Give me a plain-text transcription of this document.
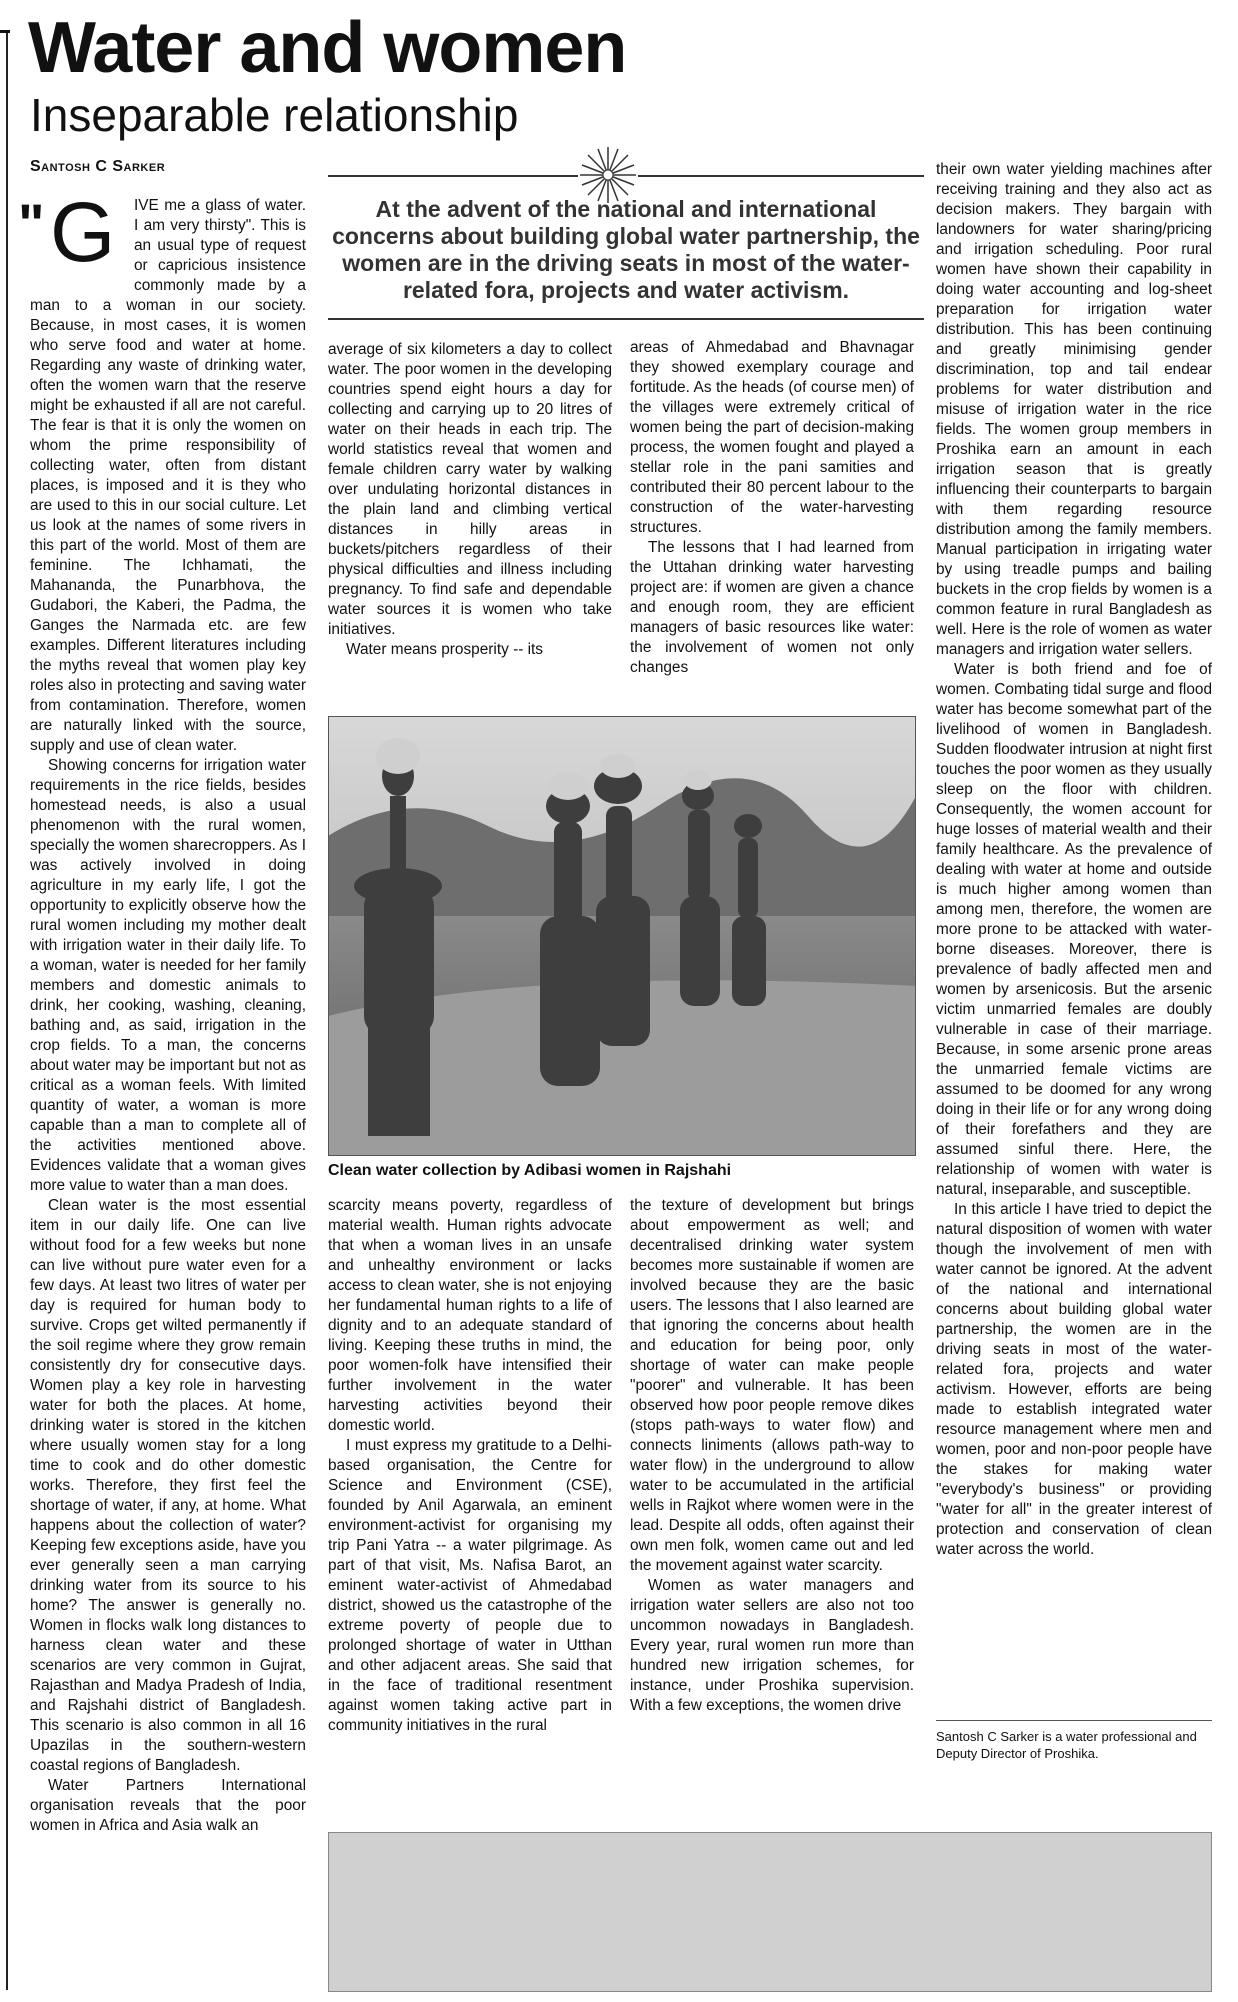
Water and women
Inseparable relationship
Santosh C Sarker

IVE me a glass of water. I am very thirsty". This is an usual type of request or capricious insistence commonly made by a man to a woman in our society. Because, in most cases, it is women who serve food and water at home. Regarding any waste of drinking water, often the women warn that the reserve might be exhausted if all are not careful. The fear is that it is only the women on whom the prime responsibility of collecting water, often from distant places, is imposed and it is they who are used to this in our social culture. Let us look at the names of some rivers in this part of the world. Most of them are feminine. The Ichhamati, the Mahananda, the Punarbhova, the Gudabori, the Kaberi, the Padma, the Ganges the Narmada etc. are few examples. Different literatures including the myths reveal that women play key roles also in protecting and saving water from contamination. Therefore, women are naturally linked with the source, supply and use of clean water.

Showing concerns for irrigation water requirements in the rice fields, besides homestead needs, is also a usual phenomenon with the rural women, specially the women sharecroppers. As I was actively involved in doing agriculture in my early life, I got the opportunity to explicitly observe how the rural women including my mother dealt with irrigation water in their daily life. To a woman, water is needed for her family members and domestic animals to drink, her cooking, washing, cleaning, bathing and, as said, irrigation in the crop fields. To a man, the concerns about water may be important but not as critical as a woman feels. With limited quantity of water, a woman is more capable than a man to complete all of the activities mentioned above. Evidences validate that a woman gives more value to water than a man does.

Clean water is the most essential item in our daily life. One can live without food for a few weeks but none can live without pure water even for a few days. At least two litres of water per day is required for human body to survive. Crops get wilted permanently if the soil regime where they grow remain consistently dry for consecutive days. Women play a key role in harvesting water for both the places. At home, drinking water is stored in the kitchen where usually women stay for a long time to cook and do other domestic works. Therefore, they first feel the shortage of water, if any, at home. What happens about the collection of water? Keeping few exceptions aside, have you ever generally seen a man carrying drinking water from its source to his home? The answer is generally no. Women in flocks walk long distances to harness clean water and these scenarios are very common in Gujrat, Rajasthan and Madya Pradesh of India, and Rajshahi district of Bangladesh. This scenario is also common in all 16 Upazilas in the southern-western coastal regions of Bangladesh.

Water Partners International organisation reveals that the poor women in Africa and Asia walk an

" G	At the advent of the national and international concerns about building global water partnership, the women are in the driving seats in most of the water-related fora, projects and water activism.

average of six kilometers a day to collect water. The poor women in the developing countries spend eight hours a day for collecting and carrying up to 20 litres of water on their heads in each trip. The world statistics reveal that women and female children carry water by walking over undulating horizontal distances in the plain land and climbing vertical distances in hilly areas in buckets/pitchers regardless of their physical difficulties and illness including pregnancy. To find safe and dependable water sources it is women who take initiatives.

Water means prosperity -- its

areas of Ahmedabad and Bhavnagar they showed exemplary courage and fortitude. As the heads (of course men) of the villages were extremely critical of women being the part of decision-making process, the women fought and played a stellar role in the pani samities and contributed their 80 percent labour to the construction of the water-harvesting structures.

The lessons that I had learned from the Uttahan drinking water harvesting project are: if women are given a chance and enough room, they are efficient managers of basic resources like water: the involvement of women not only changes

Clean water collection by Adibasi women in Rajshahi

scarcity means poverty, regardless of material wealth. Human rights advocate that when a woman lives in an unsafe and unhealthy environment or lacks access to clean water, she is not enjoying her fundamental human rights to a life of dignity and to an adequate standard of living. Keeping these truths in mind, the poor women-folk have intensified their further involvement in the water harvesting activities beyond their domestic world.

I must express my gratitude to a Delhi-based organisation, the Centre for Science and Environment (CSE), founded by Anil Agarwala, an eminent environment-activist for organising my trip Pani Yatra -- a water pilgrimage. As part of that visit, Ms. Nafisa Barot, an eminent water-activist of Ahmedabad district, showed us the catastrophe of the extreme poverty of people due to prolonged shortage of water in Utthan and other adjacent areas. She said that in the face of traditional resentment against women taking active part in community initiatives in the rural

the texture of development but brings about empowerment as well; and decentralised drinking water system becomes more sustainable if women are involved because they are the basic users. The lessons that I also learned are that ignoring the concerns about health and education for being poor, only shortage of water can make people "poorer" and vulnerable. It has been observed how poor people remove dikes (stops path-ways to water flow) and connects liniments (allows path-way to water flow) in the underground to allow water to be accumulated in the artificial wells in Rajkot where women were in the lead. Despite all odds, often against their own men folk, women came out and led the movement against water scarcity.

Women as water managers and irrigation water sellers are also not too uncommon nowadays in Bangladesh. Every year, rural women run more than hundred new irrigation schemes, for instance, under Proshika supervision. With a few exceptions, the women drive

their own water yielding machines after receiving training and they also act as decision makers. They bargain with landowners for water sharing/pricing and irrigation scheduling. Poor rural women have shown their capability in doing water accounting and log-sheet preparation for irrigation water distribution. This has been continuing and greatly minimising gender discrimination, top and tail endear problems for water distribution and misuse of irrigation water in the rice fields. The women group members in Proshika earn an amount in each irrigation season that is greatly influencing their counterparts to bargain with them regarding resource distribution among the family members. Manual participation in irrigating water by using treadle pumps and bailing buckets in the crop fields by women is a common feature in rural Bangladesh as well. Here is the role of women as water managers and irrigation water sellers.

Water is both friend and foe of women. Combating tidal surge and flood water has become somewhat part of the livelihood of women in Bangladesh. Sudden floodwater intrusion at night first touches the poor women as they usually sleep on the floor with children. Consequently, the women account for huge losses of material wealth and their family healthcare. As the prevalence of dealing with water at home and outside is much higher among women than among men, therefore, the women are more prone to be attacked with water-borne diseases. Moreover, there is prevalence of badly affected men and women by arsenicosis. But the arsenic victim unmarried females are doubly vulnerable in case of their marriage. Because, in some arsenic prone areas the unmarried female victims are assumed to be doomed for any wrong doing in their life or for any wrong doing of their forefathers and they are assumed sinful there. Here, the relationship of women with water is natural, inseparable, and susceptible.

In this article I have tried to depict the natural disposition of women with water though the involvement of men with water cannot be ignored. At the advent of the national and international concerns about building global water partnership, the women are in the driving seats in most of the water-related fora, projects and water activism. However, efforts are being made to establish integrated water resource management where men and women, poor and non-poor people have the stakes for making water "everybody's business" or providing "water for all" in the greater interest of protection and conservation of clean water across the world.

Santosh C Sarker is a water professional and Deputy Director of Proshika.
